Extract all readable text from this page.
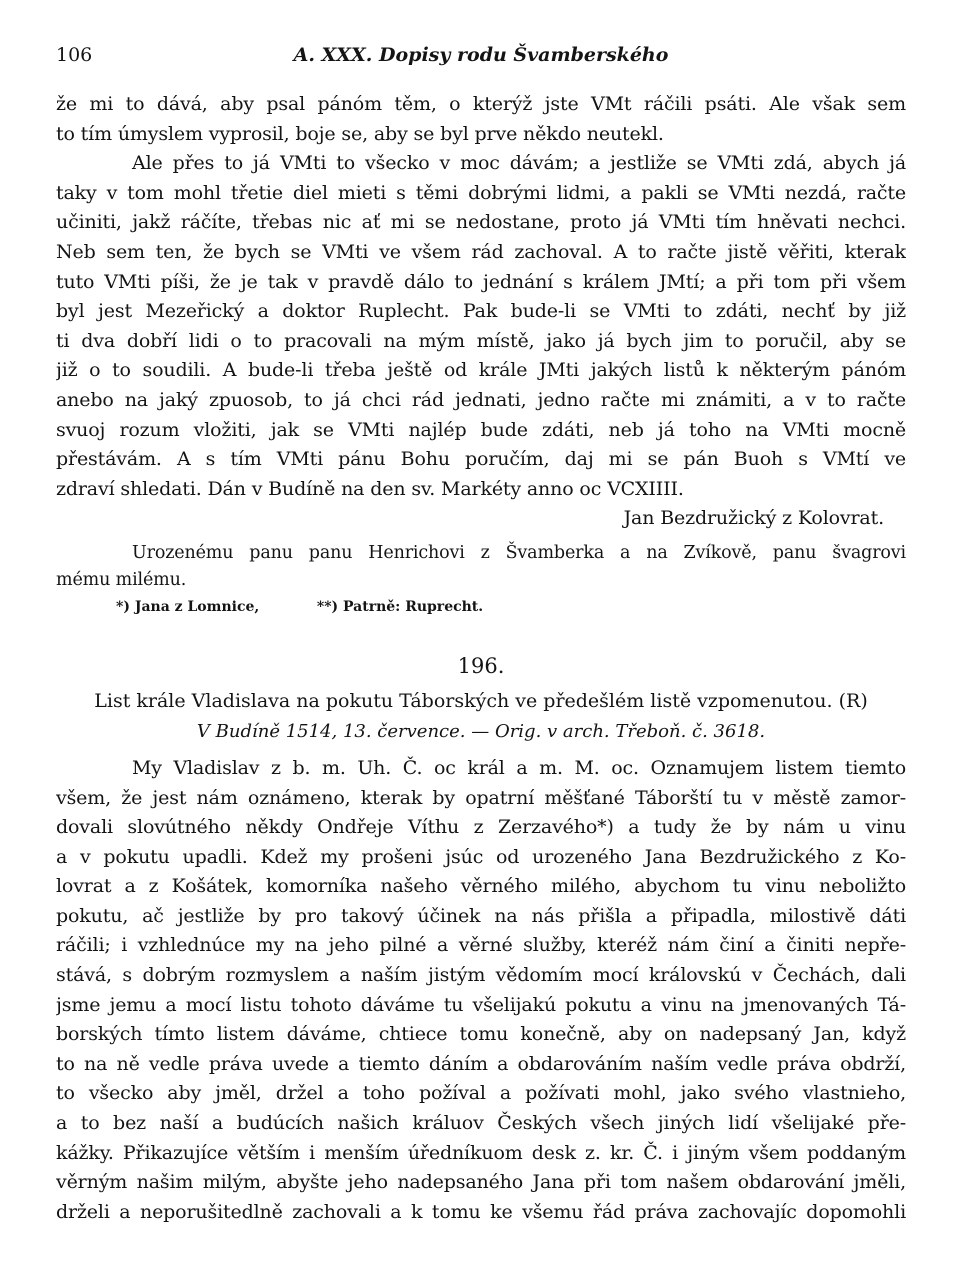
106	A. XXX. Dopisy rodu Švamberského
že mi to dává, aby psal pánóm těm, o kterýž jste VMt ráčili psáti. Ale však sem
to tím úmyslem vyprosil, boje se, aby se byl prve někdo neutekl.
Ale přes to já VMti to všecko v moc dávám; a jestliže se VMti zdá, abych já
taky v tom mohl třetie diel mieti s těmi dobrými lidmi, a pakli se VMti nezdá, račte
učiniti, jakž ráčíte, třebas nic ať mi se nedostane, proto já VMti tím hněvati nechci.
Neb sem ten, že bych se VMti ve všem rád zachoval. A to račte jistě věřiti, kterak
tuto VMti píši, že je tak v pravdě dálo to jednání s králem JMtí; a při tom při všem
byl jest Mezeřický a doktor Ruplecht. Pak bude-li se VMti to zdáti, nechť by již
ti dva dobří lidi o to pracovali na mým místě, jako já bych jim to poručil, aby se
již o to soudili. A bude-li třeba ještě od krále JMti jakých listů k některým pánóm
anebo na jaký zpuosob, to já chci rád jednati, jedno račte mi známiti, a v to račte
svuoj rozum vložiti, jak se VMti najlép bude zdáti, neb já toho na VMti mocně
přestávám. A s tím VMti pánu Bohu poručím, daj mi se pán Buoh s VMtí ve
zdraví shledati. Dán v Budíně na den sv. Markéty anno oc VCXIIII.
Jan Bezdružický z Kolovrat.
Urozenému panu panu Henrichovi z Švamberka a na Zvíkově, panu švagrovi
mému milému.
*) Jana z Lomnice,	**) Patrně: Ruprecht.
196.
List krále Vladislava na pokutu Táborských ve předešlém listě vzpomenutou. (R)
V Budíně 1514, 13. července. — Orig. v arch. Třeboň. č. 3618.
My Vladislav z b. m. Uh. Č. oc král a m. M. oc. Oznamujem listem tiemto
všem, že jest nám oznámeno, kterak by opatrní měšťané Táborští tu v městě zamor-
dovali slovútného někdy Ondřeje Víthu z Zerzavého*) a tudy že by nám u vinu
a v pokutu upadli. Kdež my prošeni jsúc od urozeného Jana Bezdružického z Ko-
lovrat a z Košátek, komorníka našeho věrného milého, abychom tu vinu neboližto
pokutu, ač jestliže by pro takový účinek na nás přišla a připadla, milostivě dáti
ráčili; i vzhlednúce my na jeho pilné a věrné služby, kteréž nám činí a činiti nepře-
stává, s dobrým rozmyslem a naším jistým vědomím mocí královskú v Čechách, dali
jsme jemu a mocí listu tohoto dáváme tu všelijakú pokutu a vinu na jmenovaných Tá-
borských tímto listem dáváme, chtiece tomu konečně, aby on nadepsaný Jan, když
to na ně vedle práva uvede a tiemto dáním a obdarováním naším vedle práva obdrží,
to všecko aby jměl, držel a toho požíval a požívati mohl, jako svého vlastnieho,
a to bez naší a budúcích našich králuov Českých všech jiných lidí všelijaké pře-
kážky. Přikazujíce větším i menším úředníkuom desk z. kr. Č. i jiným všem poddaným
věrným našim milým, abyšte jeho nadepsaného Jana při tom našem obdarování jměli,
drželi a neporušitedlně zachovali a k tomu ke všemu řád práva zachovajíc dopomohli
